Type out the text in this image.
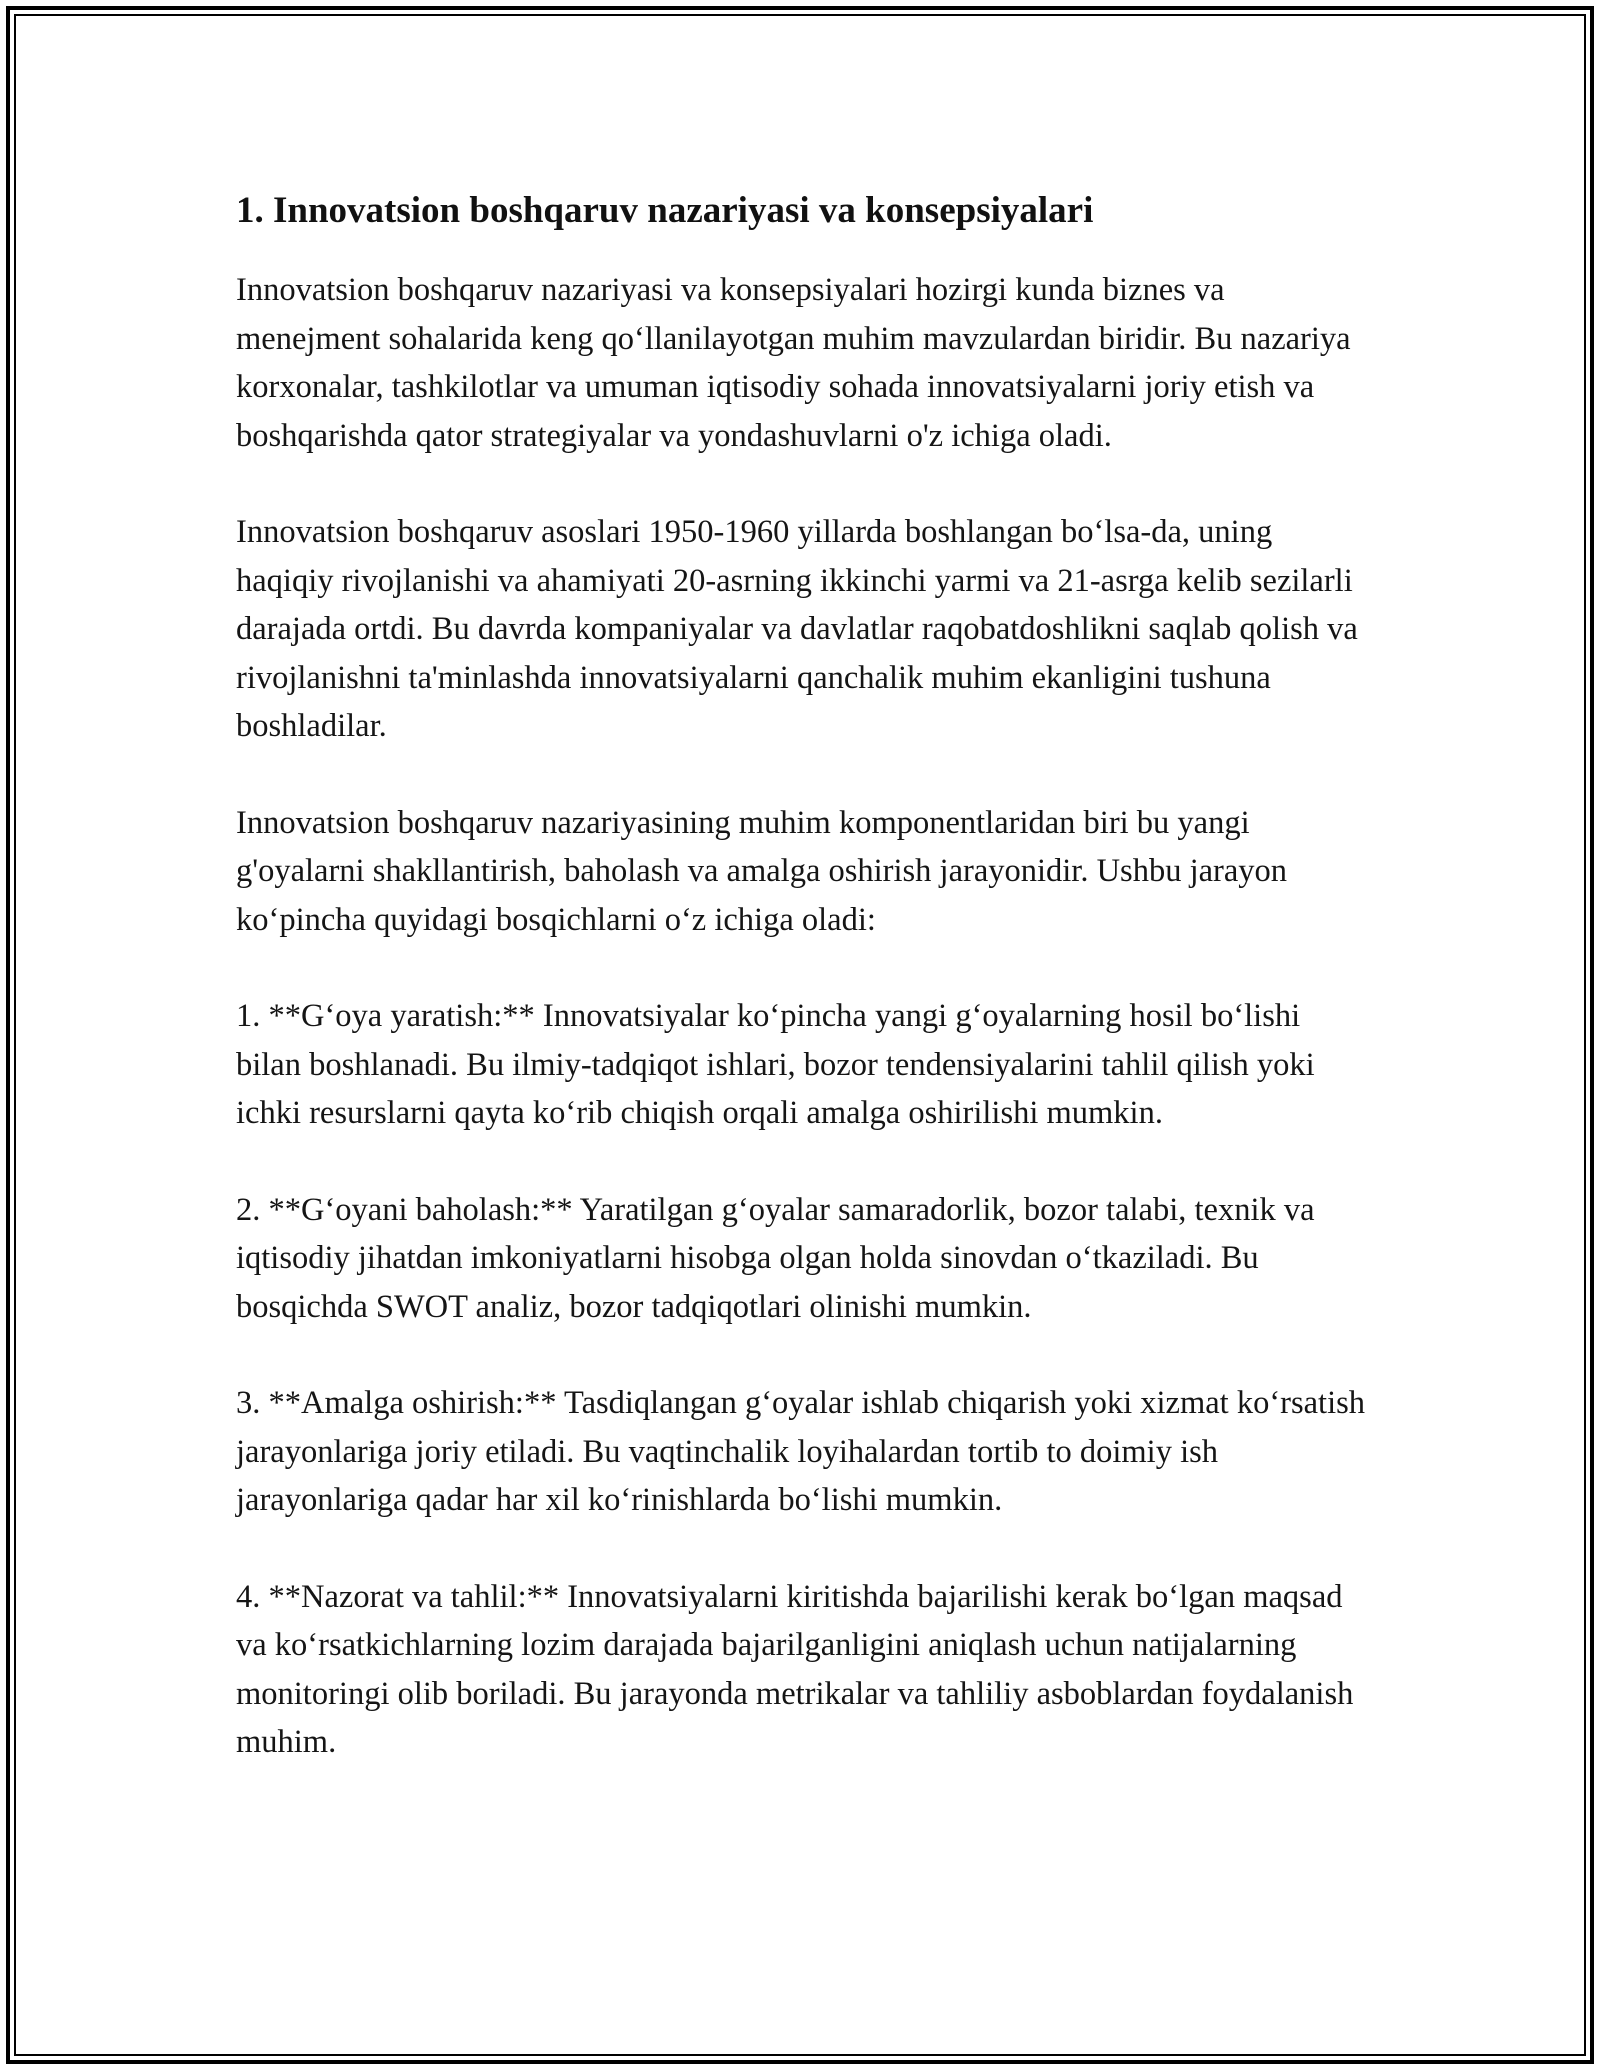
1. Innovatsion boshqaruv nazariyasi va konsepsiyalari

Innovatsion boshqaruv nazariyasi va konsepsiyalari hozirgi kunda biznes va menejment sohalarida keng qo‘llanilayotgan muhim mavzulardan biridir. Bu nazariya korxonalar, tashkilotlar va umuman iqtisodiy sohada innovatsiyalarni joriy etish va boshqarishda qator strategiyalar va yondashuvlarni o'z ichiga oladi.

Innovatsion boshqaruv asoslari 1950-1960 yillarda boshlangan bo‘lsa-da, uning haqiqiy rivojlanishi va ahamiyati 20-asrning ikkinchi yarmi va 21-asrga kelib sezilarli darajada ortdi. Bu davrda kompaniyalar va davlatlar raqobatdoshlikni saqlab qolish va rivojlanishni ta'minlashda innovatsiyalarni qanchalik muhim ekanligini tushuna boshladilar.

Innovatsion boshqaruv nazariyasining muhim komponentlaridan biri bu yangi g'oyalarni shakllantirish, baholash va amalga oshirish jarayonidir. Ushbu jarayon ko‘pincha quyidagi bosqichlarni o‘z ichiga oladi:

1. **G‘oya yaratish:** Innovatsiyalar ko‘pincha yangi g‘oyalarning hosil bo‘lishi bilan boshlanadi. Bu ilmiy-tadqiqot ishlari, bozor tendensiyalarini tahlil qilish yoki ichki resurslarni qayta ko‘rib chiqish orqali amalga oshirilishi mumkin.

2. **G‘oyani baholash:** Yaratilgan g‘oyalar samaradorlik, bozor talabi, texnik va iqtisodiy jihatdan imkoniyatlarni hisobga olgan holda sinovdan o‘tkaziladi. Bu bosqichda SWOT analiz, bozor tadqiqotlari olinishi mumkin.

3. **Amalga oshirish:** Tasdiqlangan g‘oyalar ishlab chiqarish yoki xizmat ko‘rsatish jarayonlariga joriy etiladi. Bu vaqtinchalik loyihalardan tortib to doimiy ish jarayonlariga qadar har xil ko‘rinishlarda bo‘lishi mumkin.

4. **Nazorat va tahlil:** Innovatsiyalarni kiritishda bajarilishi kerak bo‘lgan maqsad va ko‘rsatkichlarning lozim darajada bajarilganligini aniqlash uchun natijalarning monitoringi olib boriladi. Bu jarayonda metrikalar va tahliliy asboblardan foydalanish muhim.
